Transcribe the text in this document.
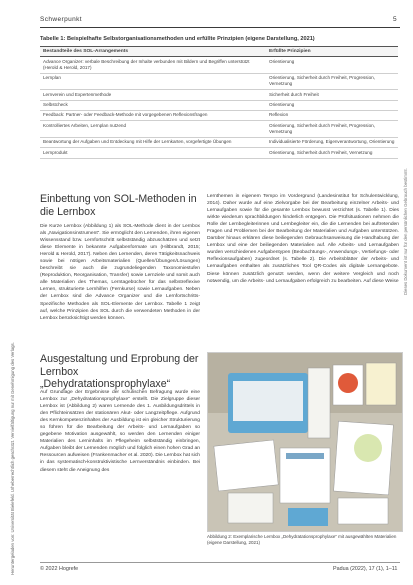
Heruntergeladen von: Universität Bielefeld. Urheberrechtlich geschützt. Vervielfältigung nur mit Genehmigung des Verlags.
Dieses Dokument ist nur für den persönlichen Gebrauch bestimmt.
Schwerpunkt	5
Tabelle 1: Beispielhafte Selbstorganisationsmethoden und erfüllte Prinzipien (eigene Darstellung, 2021)
Bestandteile des SOL-Arrangements	Erfüllte Prinzipien
Advance Organizer: verbale Beschreibung der Inhalte verbunden mit Bildern und Begriffen unterstützt (Herold & Herold, 2017)	Orientierung
Lernplan	Orientierung, Sicherheit durch Freiheit, Progression, Vernetzung
Lernverein und Expertenmethode	Sicherheit durch Freiheit
Selbstcheck	Orientierung
Feedback: Partner- oder Feedback-Methode mit vorgegebenen Reflexionsfragen	Reflexion
Kontrolliertes Arbeiten, Lernplan nutzend	Orientierung, Sicherheit durch Freiheit, Progression, Vernetzung
Beantwortung der Aufgaben und Entdeckung mit Hilfe der Lernkarten, vorgefertigte Übungen	Individualisierte Förderung, Eigenverantwortung, Orientierung
Lernprodukt	Orientierung, Sicherheit durch Freiheit, Vernetzung
Einbettung von SOL-Methoden in die Lernbox

Die Kurze Lernbox (Abbildung 1) als SOL-Methode dient in der Lernbox als „Navigationsinstrument“. Sie ermöglicht den Lernenden, ihren eigenen Wissensstand bzw. Lernfortschritt selbstständig abzuschätzen und setzt diese Elemente in bekannte Aufgabenformate um (Hiltbrandt, 2015; Herold & Herold, 2017). Neben den Lernenden, deren Tätigkeitsnachweis sowie bei nötigen Arbeitsmaterialien (Quellen/Übungen/Lösungen) beschreibt sie auch die zugrundeliegenden Taxonomiestufen (Reproduktion, Reorganisation, Transfer) sowie Lernziele und somit auch alle Materialien des Themas, Lerntagebücher für das selbstreflexive Lernen, strukturierte Lernhilfen (Fernkurse) sowie Lernaufgaben. Neben der Lernbox sind die Advance Organizer und die Lernfortschritts-Spezifische Methoden als SOL-Elemente der Lernbox. Tabelle 1 zeigt auf, welche Prinzipien des SOL durch die verwendeten Methoden in der Lernbox berücksichtigt werden können.

Lernthemen in eigenem Tempo im Vordergrund (Landesinstitut für Schulentwicklung, 2014). Daher wurde auf eine Zielvorgabe bei der Bearbeitung einzelner Arbeits- und Lernaufgaben sowie für die gesamte Lernbox bewusst verzichtet (s. Tabelle 1). Dies wirkte wiederum sprachbildungen hinderlich entgegen. Die Prüfsituationen nehmen die Rolle der Lernbegleiterinnen und Lernbegleiter ein, die die Lernenden bei auftretenden Fragen und Problemen bei der Bearbeitung der Materialien und Aufgaben unterstützen. Darüber hinaus erklären diese beiliegenden Gebrauchsanweisung die Handhabung der Lernbox und eine der beiliegenden Materialien auf. Alle Arbeits- und Lernaufgaben wurden verschiedenen Aufgabentypen (Beobachtungs-, Anwendungs-, Vertiefungs- oder Reflexionsaufgaben) zugeordnet (s. Tabelle 2). Die Arbeitsblätter der Arbeits- und Lernaufgaben enthalten als zusätzliches Tool QR-Codes als digitale Lernangebote. Diese können zusätzlich genutzt werden, wenn der weitere Vergleich und noch notwendig, um die Arbeits- und Lernaufgaben erfolgreich zu bearbeiten. Auf diese Weise

Ausgestaltung und Erprobung der Lernbox „Dehydratationsprophylaxe“

Auf Grundlage der Ergebnisse der schulischen Befragung wurde eine Lernbox zur „Dehydratationsprophylaxe“ erstellt. Die Zielgruppe dieser Lernbox ist (Abbildung 2) waren Lernende des 1. Ausbildungsdrittels in den Pflichteinsätzen der stationären Akut- oder Langzeitpflege. Aufgrund des Kernkompetenzinhaltes der Ausbildung ist ein gleicher Strukturierung so führen für die Bearbeitung der Arbeits- und Lernaufgaben so gegebene Motivation ausgewählt, so werden den Lernenden einiger Materialien des Lerninhalts im Pflegeheim selbstständig einbringen, Aufgaben bleibt der Lernenden möglich und folglich einen hohen Grad an Ressourcen aufweisen (Frankenmacher et al. 2020). Die Lernbox hat sich in das systematisch-konstruktivistische Lernverständnis einbinden. Bei diesem steht die Aneignung des

Abbildung 2: Exemplarische Lernbox „Dehydratationsprophylaxe“ mit ausgewählten Materialien (eigene Darstellung, 2021)
© 2022 Hogrefe	Padua (2022), 17 (1), 1–11
